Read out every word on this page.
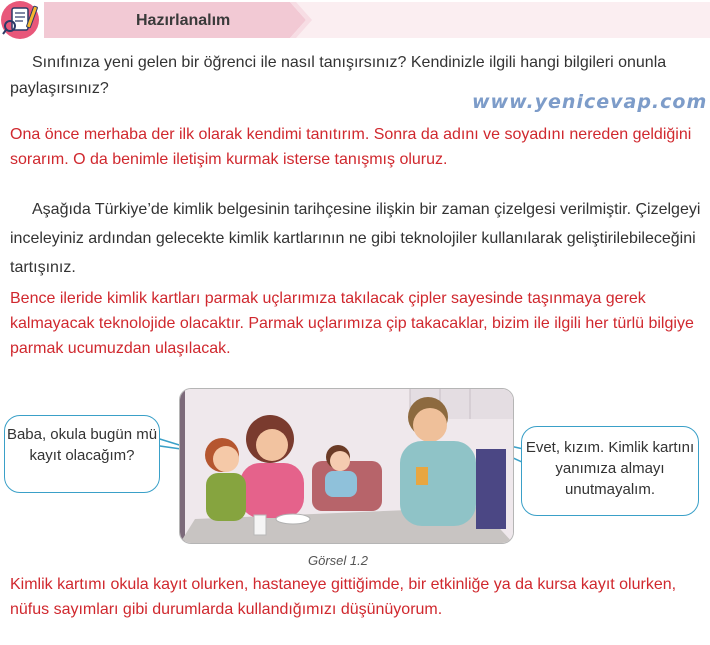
Hazırlanalım

Sınıfınıza yeni gelen bir öğrenci ile nasıl tanışırsınız? Kendinizle ilgili hangi bilgileri onunla paylaşırsınız?

www.yenicevap.com

Ona önce merhaba der ilk olarak kendimi tanıtırım. Sonra da adını ve soyadını nereden geldiğini sorarım. O da benimle iletişim kurmak isterse tanışmış oluruz.

Aşağıda Türkiye’de kimlik belgesinin tarihçesine ilişkin bir zaman çizelgesi verilmiştir. Çizelgeyi inceleyiniz ardından gelecekte kimlik kartlarının ne gibi teknolojiler kullanılarak geliştirilebileceğini tartışınız.

Bence ileride kimlik kartları parmak uçlarımıza takılacak çipler sayesinde taşınmaya gerek kalmayacak teknolojide olacaktır. Parmak uçlarımıza çip takacaklar, bizim ile ilgili her türlü bilgiye parmak ucumuzdan ulaşılacak.

Baba, okula bugün mü kayıt olacağım?	Evet, kızım. Kimlik kartını yanımıza almayı unutmayalım.
Görsel 1.2

Kimlik kartımı okula kayıt olurken, hastaneye gittiğimde, bir etkinliğe ya da kursa kayıt olurken, nüfus sayımları gibi durumlarda kullandığımızı düşünüyorum.
